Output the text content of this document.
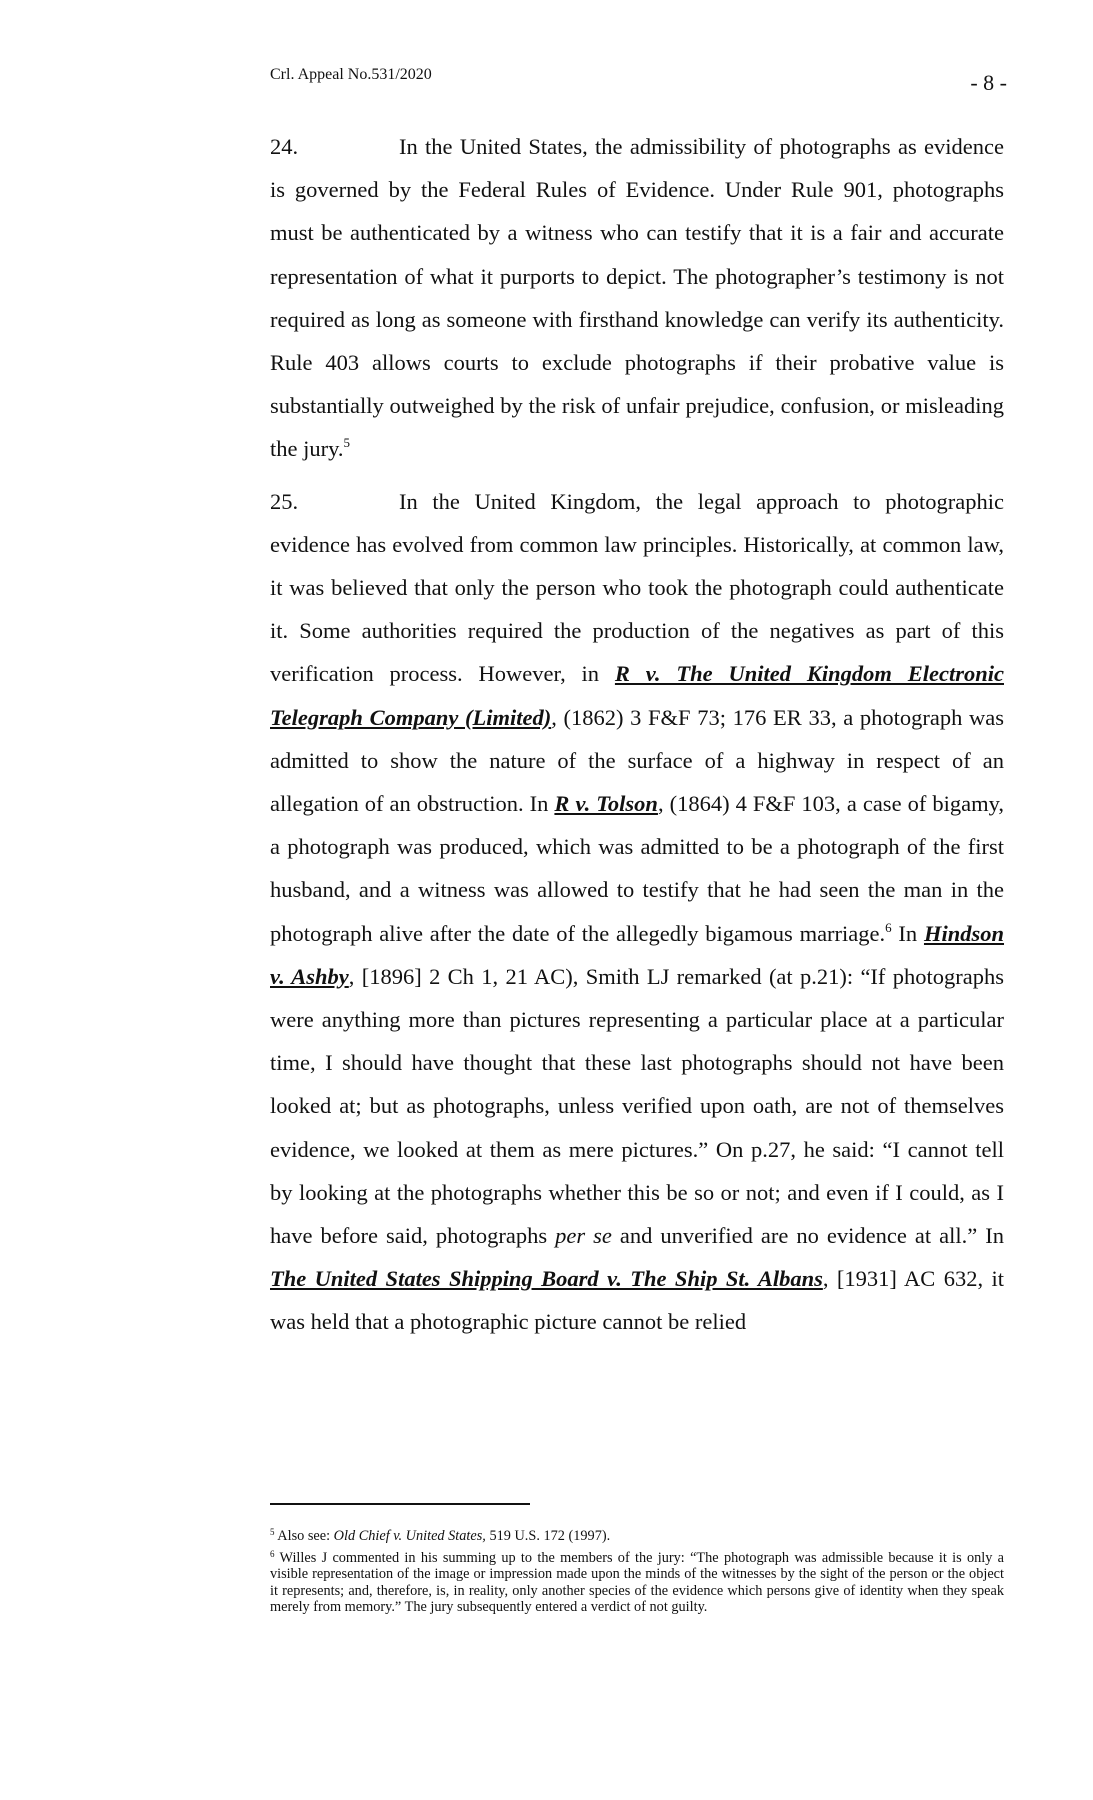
Crl. Appeal No.531/2020	- 8 -

24.	In the United States, the admissibility of photographs as evidence is governed by the Federal Rules of Evidence. Under Rule 901, photographs must be authenticated by a witness who can testify that it is a fair and accurate representation of what it purports to depict. The photographer’s testimony is not required as long as someone with firsthand knowledge can verify its authenticity. Rule 403 allows courts to exclude photographs if their probative value is substantially outweighed by the risk of unfair prejudice, confusion, or misleading the jury.$^5$

25.	In the United Kingdom, the legal approach to photographic evidence has evolved from common law principles. Historically, at common law, it was believed that only the person who took the photograph could authenticate it. Some authorities required the production of the negatives as part of this verification process. However, in R v. The United Kingdom Electronic Telegraph Company (Limited), (1862) 3 F&F 73; 176 ER 33, a photograph was admitted to show the nature of the surface of a highway in respect of an allegation of an obstruction. In R v. Tolson, (1864) 4 F&F 103, a case of bigamy, a photograph was produced, which was admitted to be a photograph of the first husband, and a witness was allowed to testify that he had seen the man in the photograph alive after the date of the allegedly bigamous marriage.$^6$ In Hindson v. Ashby, [1896] 2 Ch 1, 21 AC), Smith LJ remarked (at p.21): “If photographs were anything more than pictures representing a particular place at a particular time, I should have thought that these last photographs should not have been looked at; but as photographs, unless verified upon oath, are not of themselves evidence, we looked at them as mere pictures.” On p.27, he said: “I cannot tell by looking at the photographs whether this be so or not; and even if I could, as I have before said, photographs per se and unverified are no evidence at all.” In The United States Shipping Board v. The Ship St. Albans, [1931] AC 632, it was held that a photographic picture cannot be relied

$^5$ Also see: Old Chief v. United States, 519 U.S. 172 (1997).

$^6$ Willes J commented in his summing up to the members of the jury: “The photograph was admissible because it is only a visible representation of the image or impression made upon the minds of the witnesses by the sight of the person or the object it represents; and, therefore, is, in reality, only another species of the evidence which persons give of identity when they speak merely from memory.” The jury subsequently entered a verdict of not guilty.
